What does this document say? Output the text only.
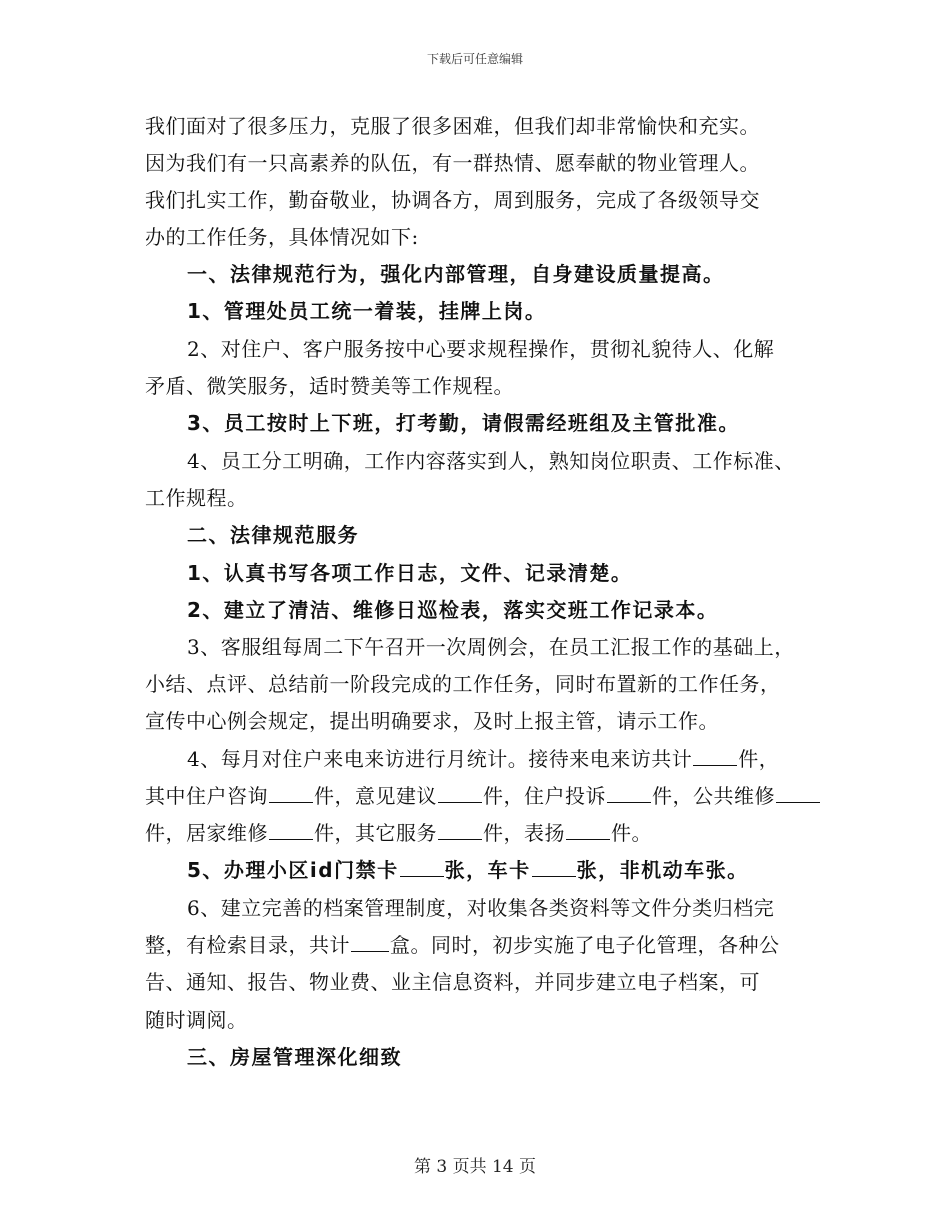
下载后可任意编辑
我们面对了很多压力，克服了很多困难，但我们却非常愉快和充实。
因为我们有一只高素养的队伍，有一群热情、愿奉献的物业管理人。
我们扎实工作，勤奋敬业，协调各方，周到服务，完成了各级领导交
办的工作任务，具体情况如下:
一、法律规范行为，强化内部管理，自身建设质量提高。
1、管理处员工统一着装，挂牌上岗。
2、对住户、客户服务按中心要求规程操作，贯彻礼貌待人、化解
矛盾、微笑服务，适时赞美等工作规程。
3、员工按时上下班，打考勤，请假需经班组及主管批准。
4、员工分工明确，工作内容落实到人，熟知岗位职责、工作标准、
工作规程。
二、法律规范服务
1、认真书写各项工作日志，文件、记录清楚。
2、建立了清洁、维修日巡检表，落实交班工作记录本。
3、客服组每周二下午召开一次周例会，在员工汇报工作的基础上，
小结、点评、总结前一阶段完成的工作任务，同时布置新的工作任务，
宣传中心例会规定，提出明确要求，及时上报主管，请示工作。
4、每月对住户来电来访进行月统计。接待来电来访共计 件，
其中住户咨询 件，意见建议 件，住户投诉 件，公共维修
件，居家维修 件，其它服务 件，表扬 件。
5、办理小区id门禁卡 张，车卡 张，非机动车张。
6、建立完善的档案管理制度，对收集各类资料等文件分类归档完
整，有检索目录，共计 盒。同时，初步实施了电子化管理，各种公
告、通知、报告、物业费、业主信息资料，并同步建立电子档案，可
随时调阅。
三、房屋管理深化细致
第 3 页共 14 页
